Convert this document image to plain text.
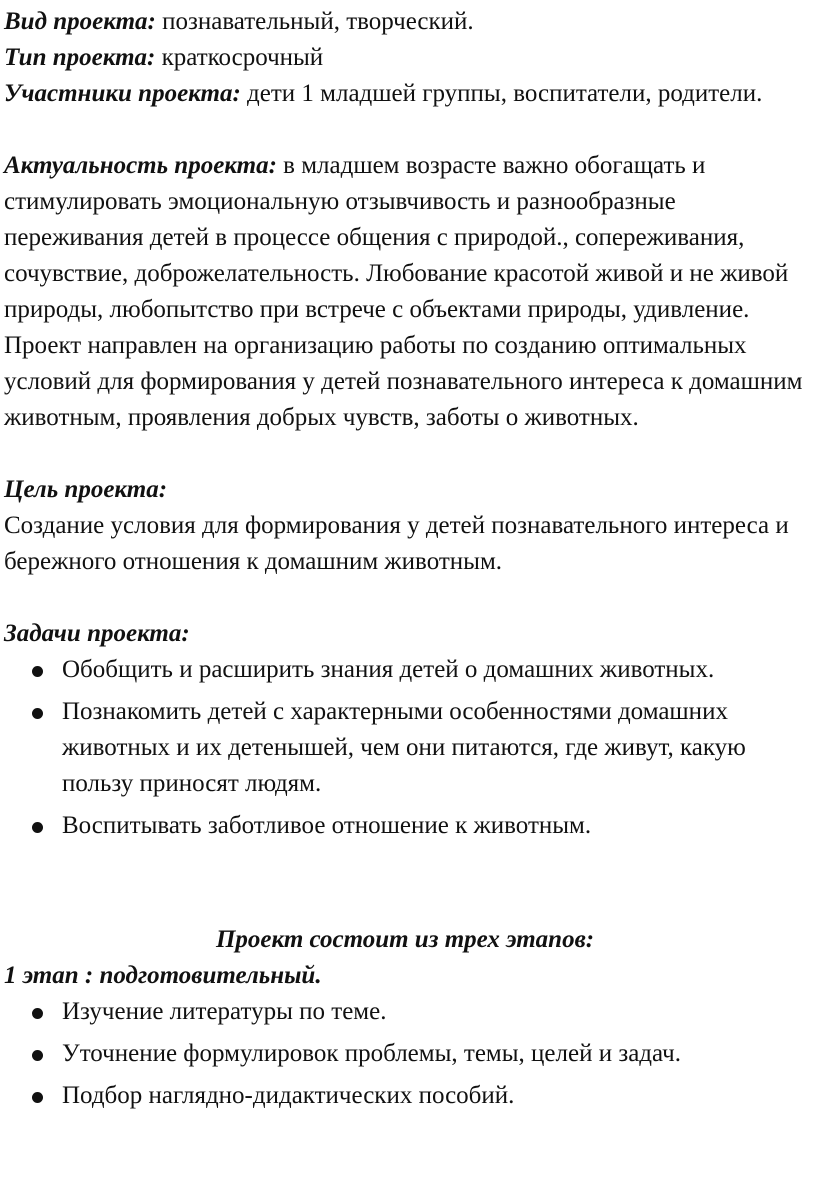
Вид проекта: познавательный, творческий.

Тип проекта: краткосрочный

Участники проекта: дети 1 младшей группы, воспитатели, родители.

Актуальность проекта: в младшем возрасте важно обогащать и стимулировать эмоциональную отзывчивость и разнообразные переживания детей в процессе общения с природой., сопереживания, сочувствие, доброжелательность. Любование красотой живой и не живой природы, любопытство при встрече с объектами природы, удивление. Проект направлен на организацию работы по созданию оптимальных условий для формирования у детей познавательного интереса к домашним животным, проявления добрых чувств, заботы о животных.

Цель проекта:

Создание условия для формирования у детей познавательного интереса и бережного отношения к домашним животным.

Задачи проекта:

Обобщить и расширить знания детей о домашних животных.
Познакомить детей с характерными особенностями домашних животных и их детенышей, чем они питаются, где живут, какую пользу приносят людям.
Воспитывать заботливое отношение к животным.

Проект состоит из трех этапов:

1 этап : подготовительный.

Изучение литературы по теме.
Уточнение формулировок проблемы, темы, целей и задач.
Подбор наглядно-дидактических пособий.
